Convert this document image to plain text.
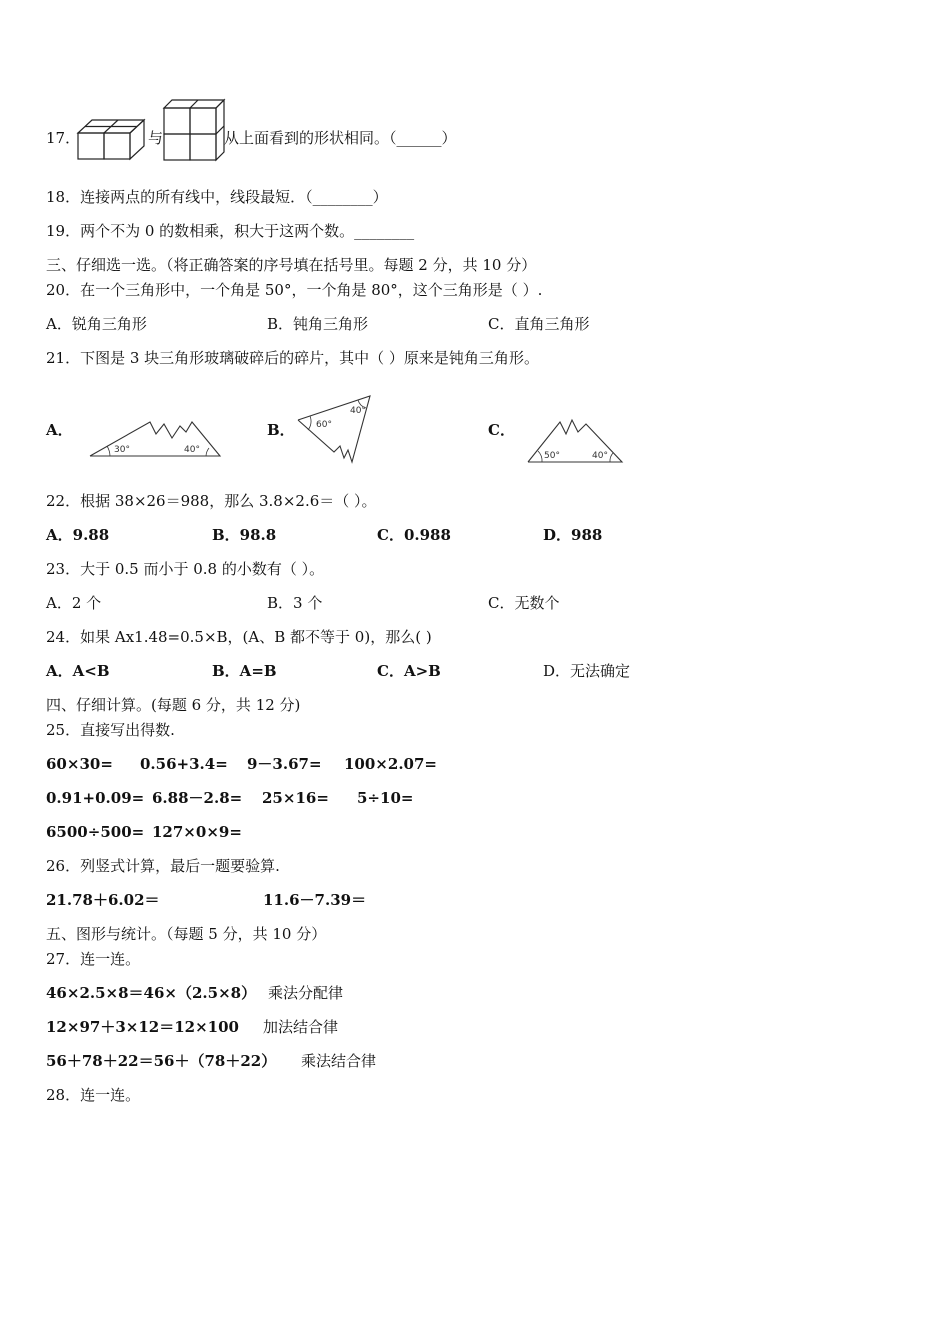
17．	与	从上面看到的形状相同。（______）
18．连接两点的所有线中，线段最短．（________）
19．两个不为 0 的数相乘，积大于这两个数。________
三、仔细选一选。（将正确答案的序号填在括号里。每题 2 分，共 10 分）
20．在一个三角形中，一个角是 50°，一个角是 80°，这个三角形是（ ）.
A．锐角三角形	B．钝角三角形	C．直角三角形
21．下图是 3 块三角形玻璃破碎后的碎片，其中（ ）原来是钝角三角形。
A．	B．	C．
30°	40°
60°
40°
50°	40°
22．根据 38×26＝988，那么 3.8×2.6＝（ ）。
A．9.88	B．98.8	C．0.988	D．988
23．大于 0.5 而小于 0.8 的小数有（ ）。
A．2 个	B．3 个	C．无数个
24．如果 Ax1.48=0.5×B，(A、B 都不等于 0)，那么( )
A．A<B	B．A=B	C．A>B	D．无法确定
四、仔细计算。(每题 6 分，共 12 分)
25．直接写出得数.
60×30= 0.56+3.4= 9－3.67= 100×2.07=
0.91+0.09= 6.88－2.8= 25×16= 5÷10=
6500÷500= 127×0×9=
26．列竖式计算，最后一题要验算.
21.78＋6.02＝	11.6－7.39＝
五、图形与统计。（每题 5 分，共 10 分）
27．连一连。
46×2.5×8＝46×（2.5×8） 乘法分配律
12×97＋3×12＝12×100 加法结合律
56＋78＋22＝56＋（78＋22） 乘法结合律
28．连一连。
